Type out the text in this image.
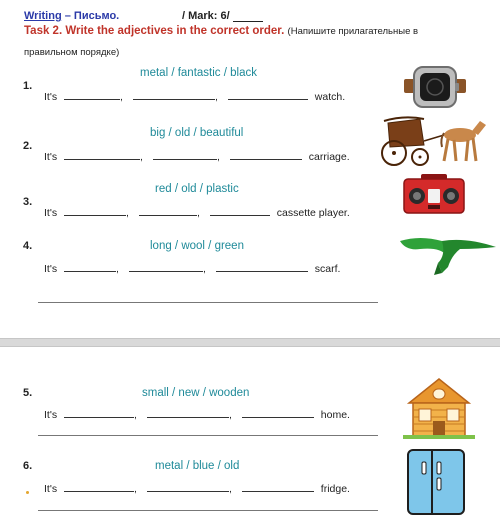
Writing – Письмо.	/ Mark: 6/
Task 2. Write the adjectives in the correct order. (Напишите прилагательные в
правильном порядке)
metal / fantastic / black
1.
It's	,	,	watch.
big / old / beautiful
2.
It's	,	,	carriage.
red / old / plastic
3.
It's	,	,	cassette player.
4.	long / wool / green
It's	,	,	scarf.
5.	small / new / wooden
It's	,	,	home.
6.	metal / blue / old
It's	,	,	fridge.
